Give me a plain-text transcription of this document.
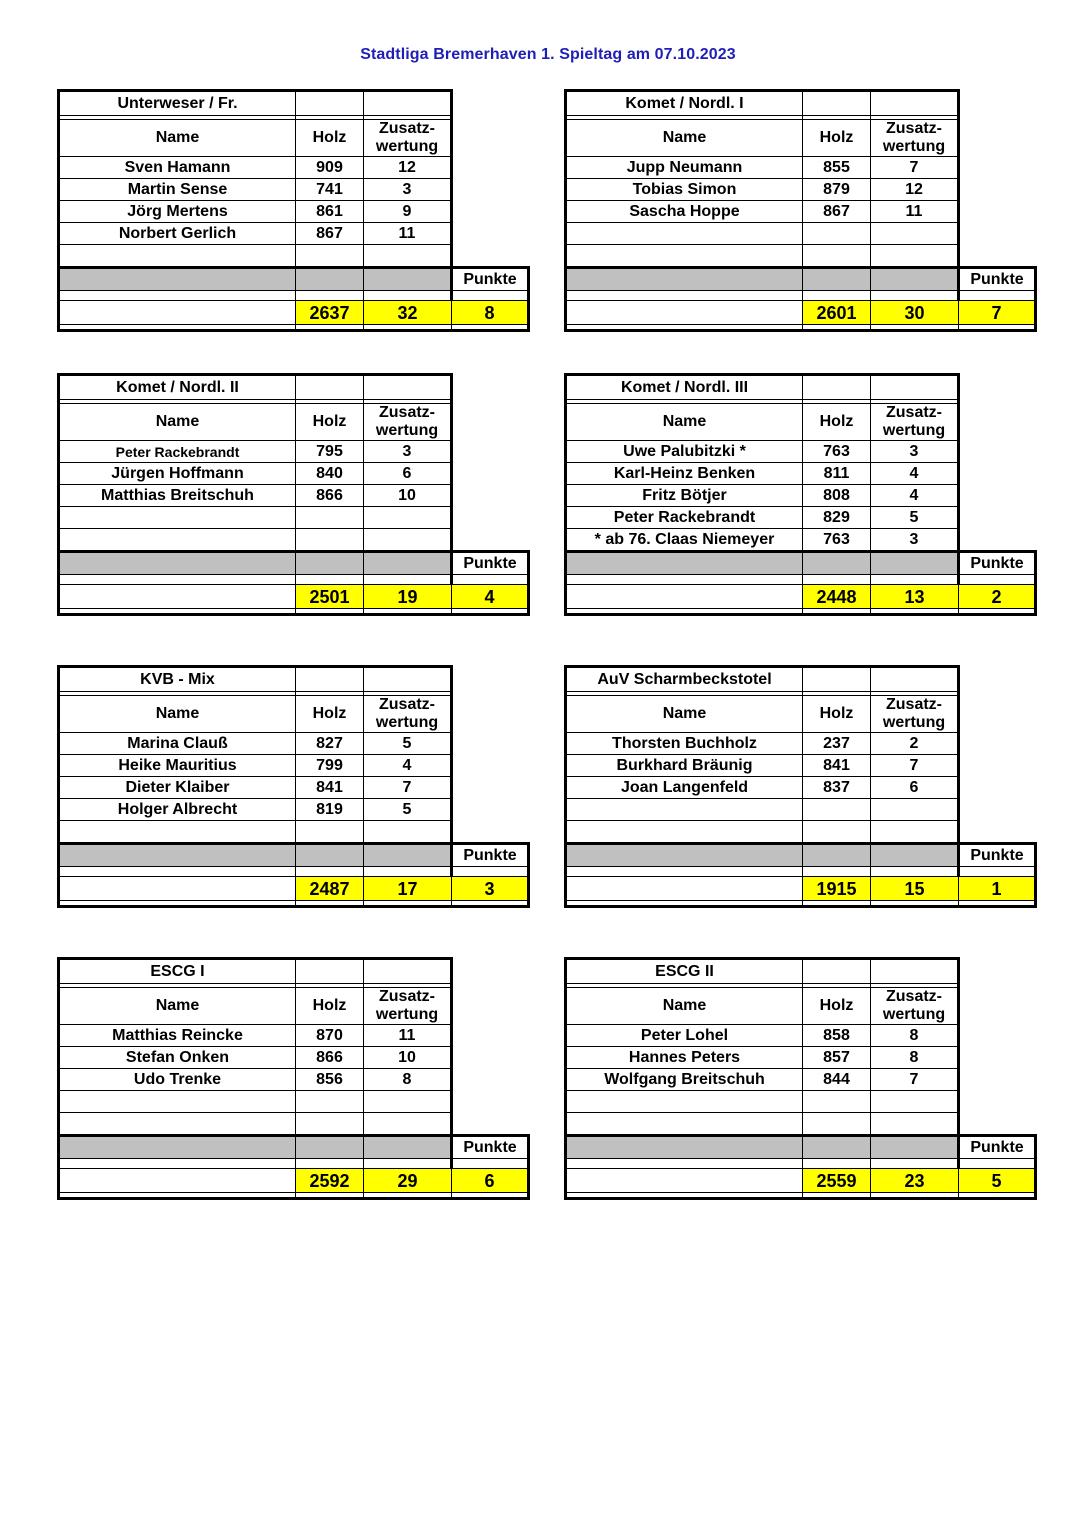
Stadtliga Bremerhaven 1. Spieltag am 07.10.2023
Unterweser / Fr.			

Name	Holz	Zusatz-
wertung	

Sven Hamann	909	12	
Martin Sense	741	3	
Jörg Mertens	861	9	
Norbert Gerlich	867	11	

			Punkte

	2637	32	8

Komet / Nordl. I			

Name	Holz	Zusatz-
wertung	

Jupp Neumann	855	7	
Tobias Simon	879	12	
Sascha Hoppe	867	11	

			Punkte

	2601	30	7

Komet / Nordl. II			

Name	Holz	Zusatz-
wertung	

Peter Rackebrandt	795	3	
Jürgen Hoffmann	840	6	
Matthias Breitschuh	866	10	

			Punkte

	2501	19	4

Komet / Nordl. III			

Name	Holz	Zusatz-
wertung	

Uwe Palubitzki *	763	3	
Karl-Heinz Benken	811	4	
Fritz Bötjer	808	4	
Peter Rackebrandt	829	5	
* ab 76. Claas Niemeyer	763	3	
			Punkte

	2448	13	2

KVB - Mix			

Name	Holz	Zusatz-
wertung	

Marina Clauß	827	5	
Heike Mauritius	799	4	
Dieter Klaiber	841	7	
Holger Albrecht	819	5	

			Punkte

	2487	17	3

AuV Scharmbeckstotel			

Name	Holz	Zusatz-
wertung	

Thorsten Buchholz	237	2	
Burkhard Bräunig	841	7	
Joan Langenfeld	837	6	

			Punkte

	1915	15	1

ESCG I			

Name	Holz	Zusatz-
wertung	

Matthias Reincke	870	11	
Stefan Onken	866	10	
Udo Trenke	856	8	

			Punkte

	2592	29	6

ESCG II			

Name	Holz	Zusatz-
wertung	

Peter Lohel	858	8	
Hannes Peters	857	8	
Wolfgang Breitschuh	844	7	

			Punkte

	2559	23	5
